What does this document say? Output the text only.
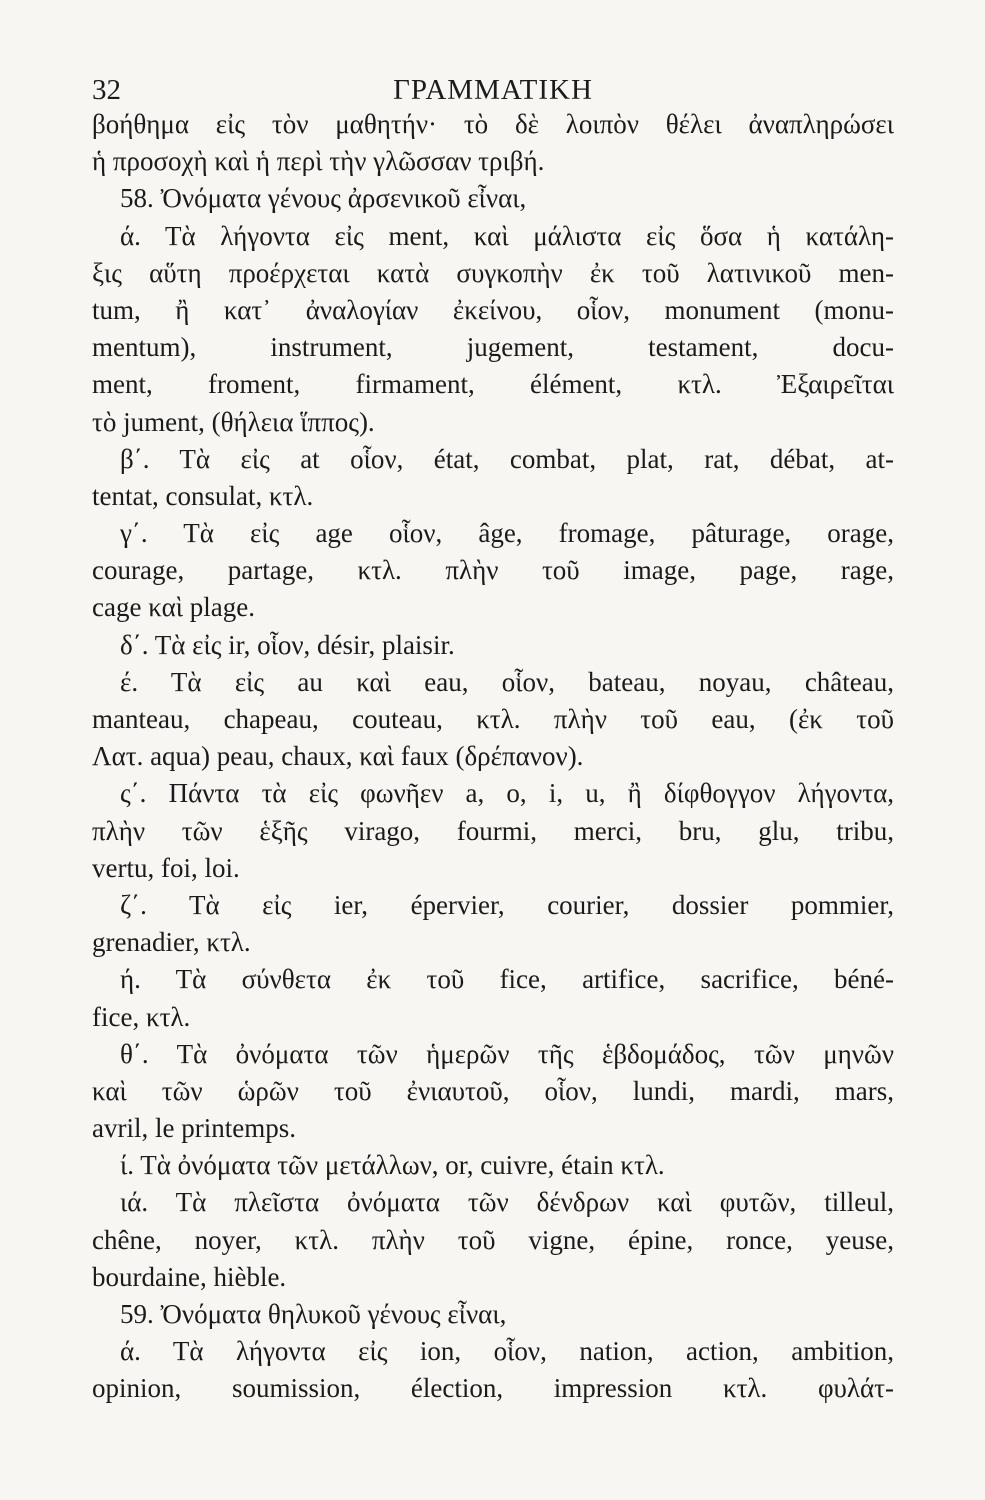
32	ΓΡΑΜΜΑΤΙΚΗ
βοήθημα εἰς τὸν μαθητήν· τὸ δὲ λοιπὸν θέλει ἀναπληρώσει
ἡ προσοχὴ καὶ ἡ περὶ τὴν γλῶσσαν τριβή.
58. Ὀνόματα γένους ἀρσενικοῦ εἶναι,
ά. Τὰ λήγοντα εἰς ment, καὶ μάλιστα εἰς ὅσα ἡ κατάλη-
ξις αὕτη προέρχεται κατὰ συγκοπὴν ἐκ τοῦ λατινικοῦ men-
tum, ἢ κατ᾽ ἀναλογίαν ἐκείνου, οἷον, monument (monu-
mentum), instrument, jugement, testament, docu-
ment, froment, firmament, élément, κτλ. Ἐξαιρεῖται
τὸ jument, (θήλεια ἵππος).
β΄. Τὰ εἰς at οἷον, état, combat, plat, rat, débat, at-
tentat, consulat, κτλ.
γ΄. Τὰ εἰς age οἷον, âge, fromage, pâturage, orage,
courage, partage, κτλ. πλὴν τοῦ image, page, rage,
cage καὶ plage.
δ΄. Τὰ εἰς ir, οἷον, désir, plaisir.
έ. Τὰ εἰς au καὶ eau, οἷον, bateau, noyau, château,
manteau, chapeau, couteau, κτλ. πλὴν τοῦ eau, (ἐκ τοῦ
Λατ. aqua) peau, chaux, καὶ faux (δρέπανον).
ς΄. Πάντα τὰ εἰς φωνῆεν a, o, i, u, ἢ δίφθογγον λήγοντα,
πλὴν τῶν ἑξῆς virago, fourmi, merci, bru, glu, tribu,
vertu, foi, loi.
ζ΄. Τὰ εἰς ier, épervier, courier, dossier pommier,
grenadier, κτλ.
ή. Τὰ σύνθετα ἐκ τοῦ fice, artifice, sacrifice, béné-
fice, κτλ.
θ΄. Τὰ ὀνόματα τῶν ἡμερῶν τῆς ἑβδομάδος, τῶν μηνῶν
καὶ τῶν ὡρῶν τοῦ ἐνιαυτοῦ, οἷον, lundi, mardi, mars,
avril, le printemps.
ί. Τὰ ὀνόματα τῶν μετάλλων, or, cuivre, étain κτλ.
ιά. Τὰ πλεῖστα ὀνόματα τῶν δένδρων καὶ φυτῶν, tilleul,
chêne, noyer, κτλ. πλὴν τοῦ vigne, épine, ronce, yeuse,
bourdaine, hièble.
59. Ὀνόματα θηλυκοῦ γένους εἶναι,
ά. Τὰ λήγοντα εἰς ion, οἷον, nation, action, ambition,
opinion, soumission, élection, impression κτλ. φυλάτ-
